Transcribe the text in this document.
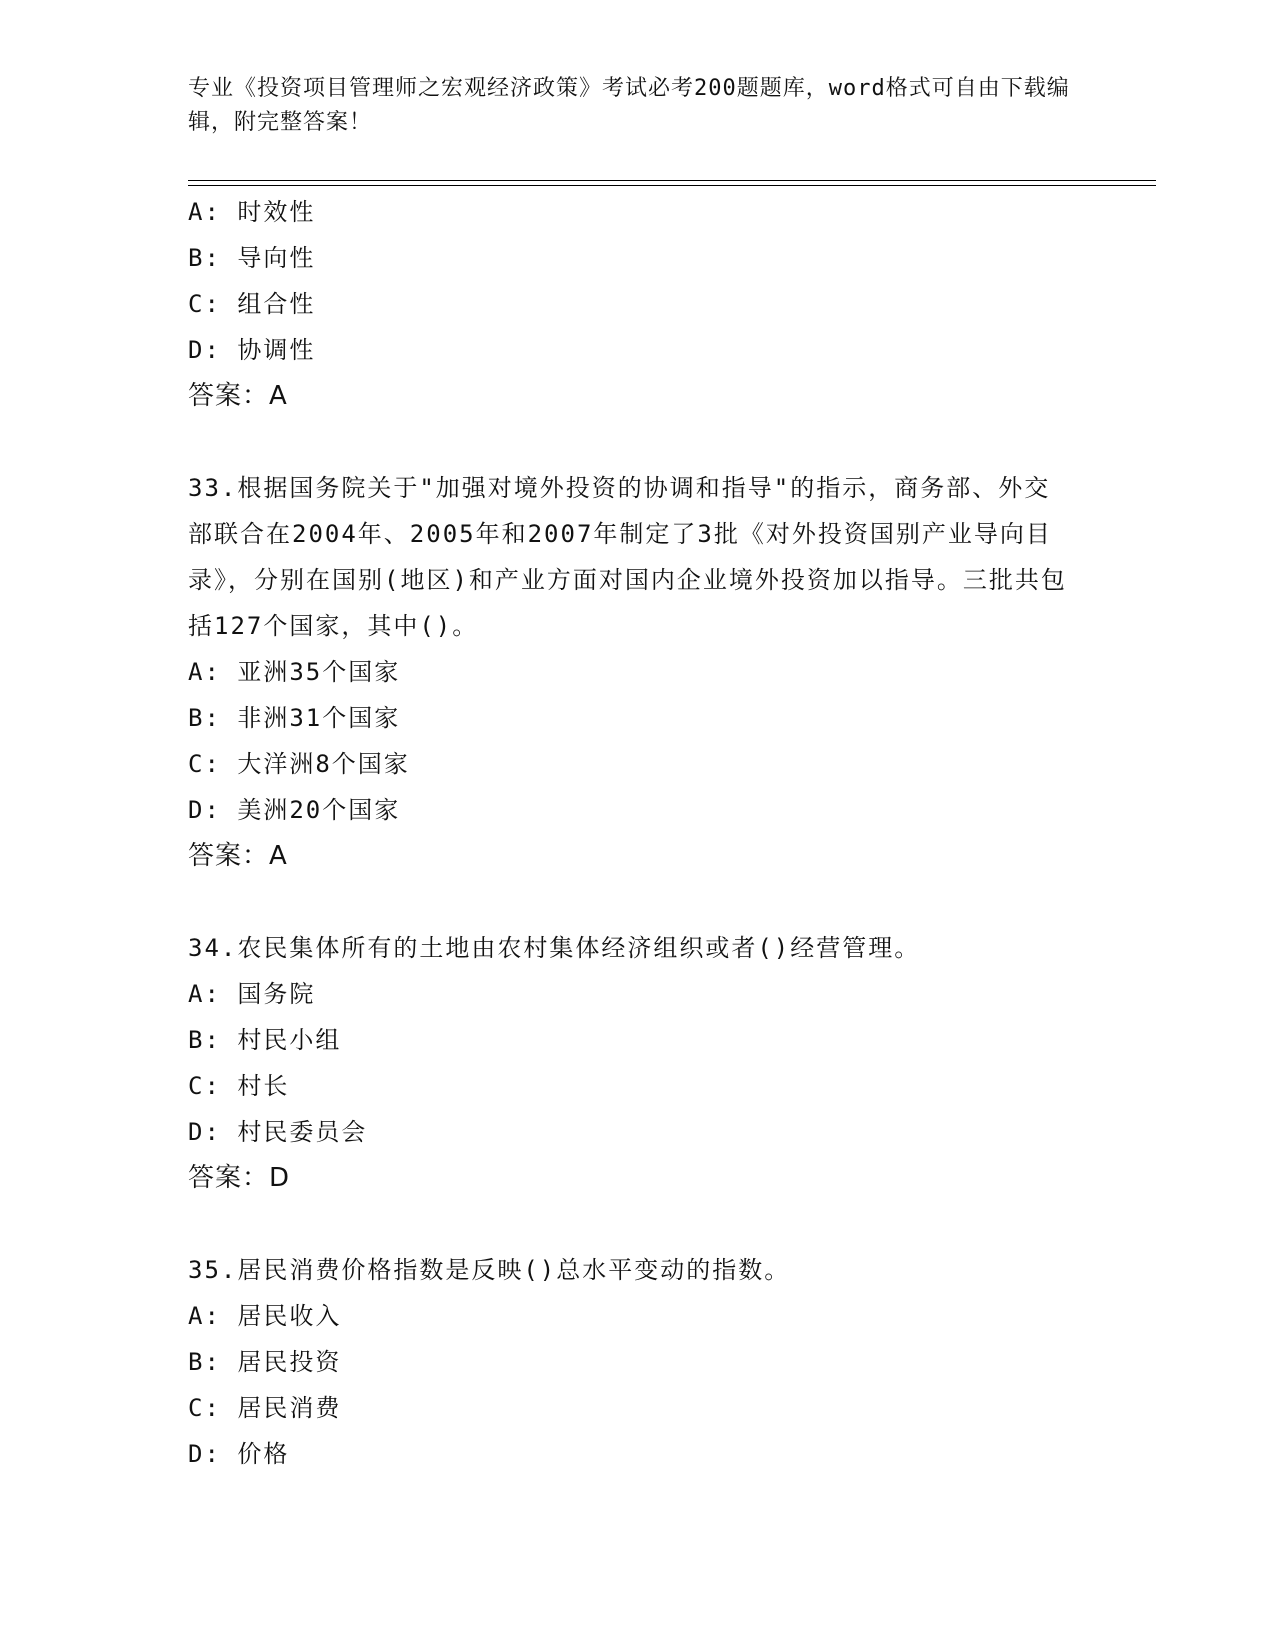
专业《投资项目管理师之宏观经济政策》考试必考200题题库，word格式可自由下载编辑，附完整答案！
A: 时效性
B: 导向性
C: 组合性
D: 协调性
答案：A
33.根据国务院关于"加强对境外投资的协调和指导"的指示，商务部、外交部联合在2004年、2005年和2007年制定了3批《对外投资国别产业导向目录》，分别在国别(地区)和产业方面对国内企业境外投资加以指导。三批共包括127个国家，其中()。
A: 亚洲35个国家
B: 非洲31个国家
C: 大洋洲8个国家
D: 美洲20个国家
答案：A
34.农民集体所有的土地由农村集体经济组织或者()经营管理。
A: 国务院
B: 村民小组
C: 村长
D: 村民委员会
答案：D
35.居民消费价格指数是反映()总水平变动的指数。
A: 居民收入
B: 居民投资
C: 居民消费
D: 价格
